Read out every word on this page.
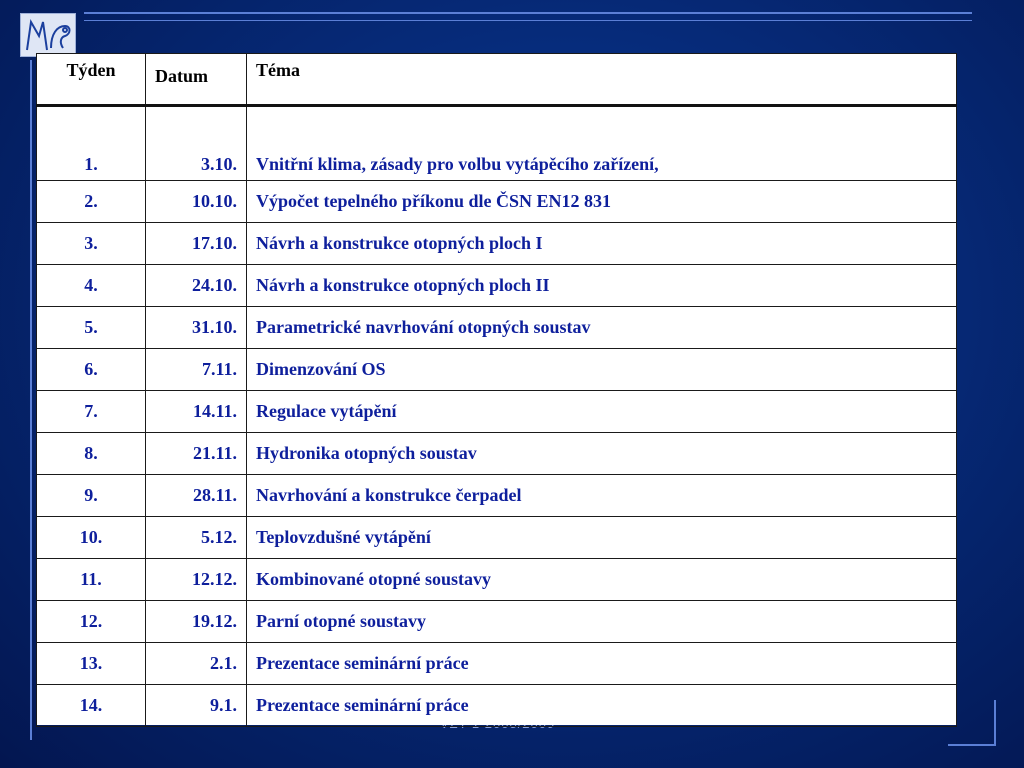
Týden	Datum	Téma
1.	3.10.	Vnitřní klima, zásady pro volbu vytápěcího zařízení,
2.	10.10.	Výpočet tepelného příkonu dle ČSN EN12 831
3.	17.10.	Návrh a konstrukce otopných ploch I
4.	24.10.	Návrh a konstrukce otopných ploch II
5.	31.10.	Parametrické navrhování otopných soustav
6.	7.11.	Dimenzování OS
7.	14.11.	Regulace vytápění
8.	21.11.	Hydronika otopných soustav
9.	28.11.	Navrhování a konstrukce čerpadel
10.	5.12.	Teplovzdušné vytápění
11.	12.12.	Kombinované otopné soustavy
12.	19.12.	Parní otopné soustavy
13.	2.1.	Prezentace seminární práce
14.	9.1.	Prezentace seminární práce
